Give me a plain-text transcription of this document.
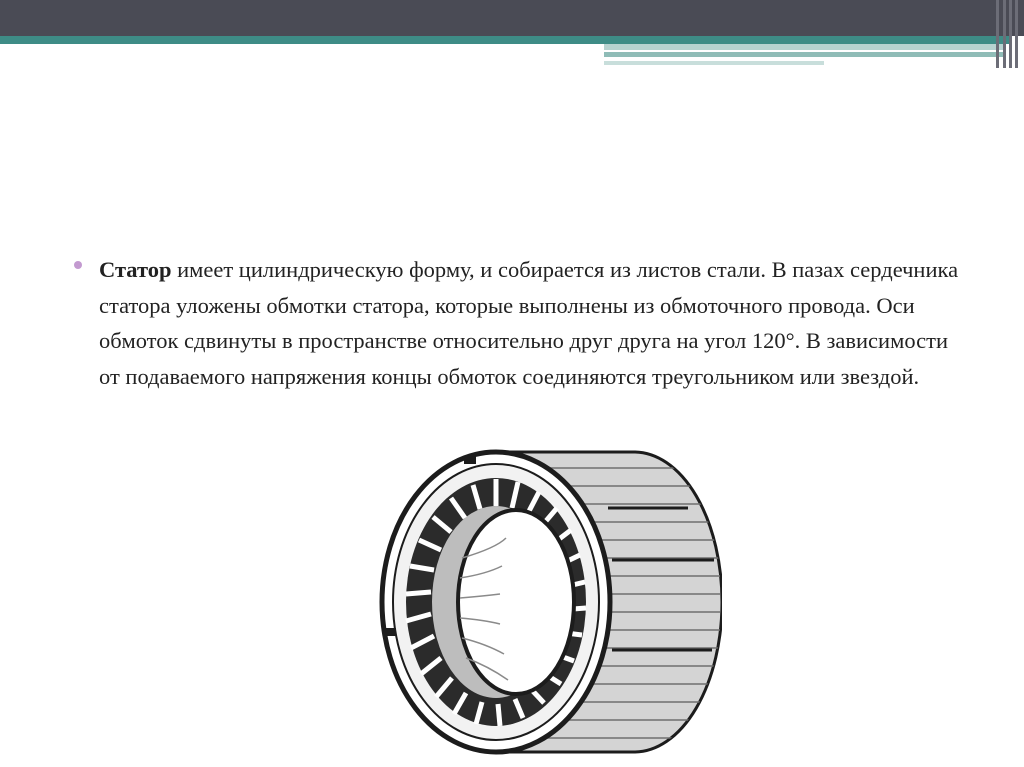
Статор имеет цилиндрическую форму, и собирается из листов стали. В пазах сердечника статора уложены обмотки статора, которые выполнены из обмоточного провода. Оси обмоток сдвинуты в пространстве относительно друг друга на угол 120°. В зависимости от подаваемого напряжения концы обмоток соединяются треугольником или звездой.
